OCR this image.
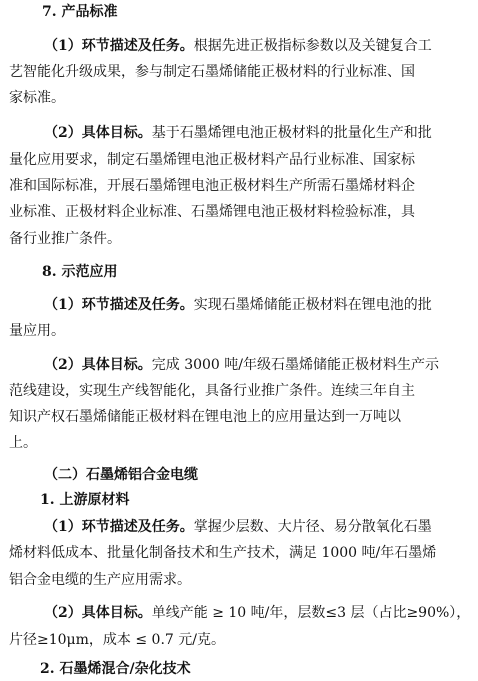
7. 产品标准
（1）环节描述及任务。根据先进正极指标参数以及关键复合工
艺智能化升级成果，参与制定石墨烯储能正极材料的行业标准、国
家标准。
（2）具体目标。基于石墨烯锂电池正极材料的批量化生产和批
量化应用要求，制定石墨烯锂电池正极材料产品行业标准、国家标
准和国际标准，开展石墨烯锂电池正极材料生产所需石墨烯材料企
业标准、正极材料企业标准、石墨烯锂电池正极材料检验标准，具
备行业推广条件。
8. 示范应用
（1）环节描述及任务。实现石墨烯储能正极材料在锂电池的批
量应用。
（2）具体目标。完成 3000 吨/年级石墨烯储能正极材料生产示
范线建设，实现生产线智能化，具备行业推广条件。连续三年自主
知识产权石墨烯储能正极材料在锂电池上的应用量达到一万吨以
上。
（二）石墨烯铝合金电缆
1. 上游原材料
（1）环节描述及任务。掌握少层数、大片径、易分散氧化石墨
烯材料低成本、批量化制备技术和生产技术，满足 1000 吨/年石墨烯
铝合金电缆的生产应用需求。
（2）具体目标。单线产能 ≥ 10 吨/年，层数≤3 层（占比≥90%），
片径≥10μm，成本 ≤ 0.7 元/克。
2. 石墨烯混合/杂化技术
